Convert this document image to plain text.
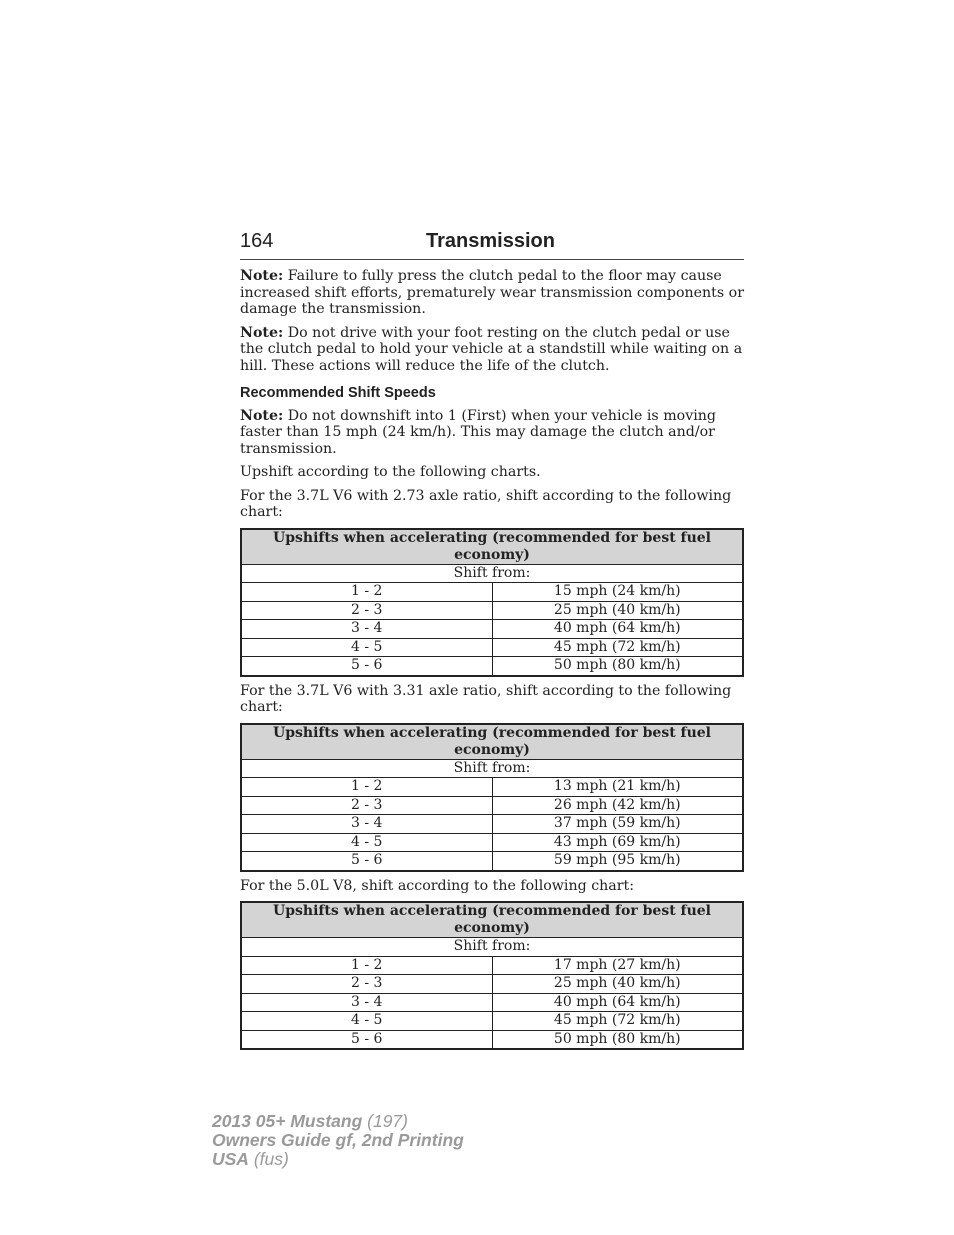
164	Transmission

Note: Failure to fully press the clutch pedal to the floor may cause increased shift efforts, prematurely wear transmission components or damage the transmission.

Note: Do not drive with your foot resting on the clutch pedal or use the clutch pedal to hold your vehicle at a standstill while waiting on a hill. These actions will reduce the life of the clutch.

Recommended Shift Speeds

Note: Do not downshift into 1 (First) when your vehicle is moving faster than 15 mph (24 km/h). This may damage the clutch and/or transmission.

Upshift according to the following charts.

For the 3.7L V6 with 2.73 axle ratio, shift according to the following chart:

Upshifts when accelerating (recommended for best fuel economy)	
Shift from:	
1 - 2	15 mph (24 km/h)
2 - 3	25 mph (40 km/h)
3 - 4	40 mph (64 km/h)
4 - 5	45 mph (72 km/h)
5 - 6	50 mph (80 km/h)

For the 3.7L V6 with 3.31 axle ratio, shift according to the following chart:

Upshifts when accelerating (recommended for best fuel economy)	
Shift from:	
1 - 2	13 mph (21 km/h)
2 - 3	26 mph (42 km/h)
3 - 4	37 mph (59 km/h)
4 - 5	43 mph (69 km/h)
5 - 6	59 mph (95 km/h)

For the 5.0L V8, shift according to the following chart:

Upshifts when accelerating (recommended for best fuel economy)	
Shift from:	
1 - 2	17 mph (27 km/h)
2 - 3	25 mph (40 km/h)
3 - 4	40 mph (64 km/h)
4 - 5	45 mph (72 km/h)
5 - 6	50 mph (80 km/h)
2013 05+ Mustang (197)
Owners Guide gf, 2nd Printing
USA (fus)
